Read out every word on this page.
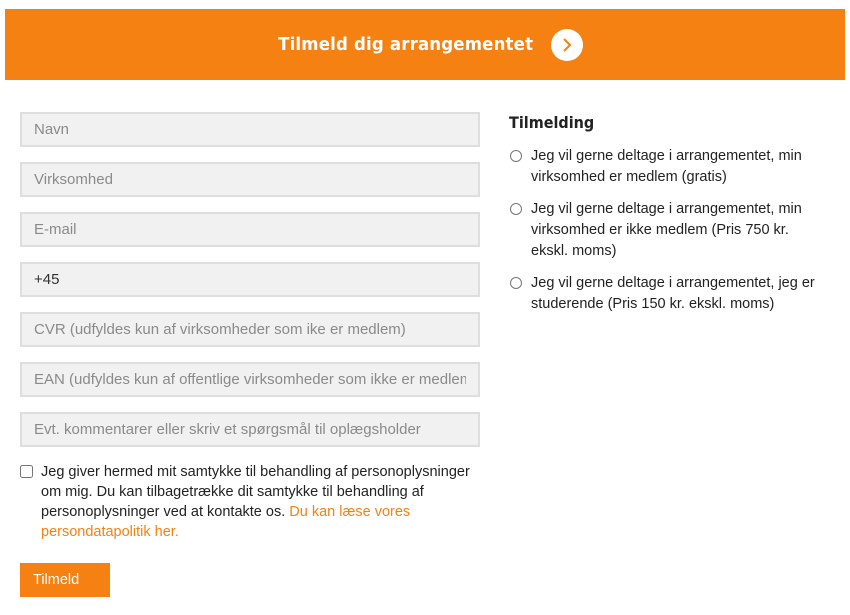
Tilmeld dig arrangementet
Navn
Virksomhed
E-mail
+45
CVR (udfyldes kun af virksomheder som ike er medlem)
EAN (udfyldes kun af offentlige virksomheder som ikke er medlem)
Evt. kommentarer eller skriv et spørgsmål til oplægsholder
Jeg giver hermed mit samtykke til behandling af personoplysninger om mig. Du kan tilbagetrække dit samtykke til behandling af personoplysninger ved at kontakte os. Du kan læse vores persondatapolitik her.
Tilmeld
Tilmelding
Jeg vil gerne deltage i arrangementet, min virksomhed er medlem (gratis)
Jeg vil gerne deltage i arrangementet, min virksomhed er ikke medlem (Pris 750 kr. ekskl. moms)
Jeg vil gerne deltage i arrangementet, jeg er studerende (Pris 150 kr. ekskl. moms)
